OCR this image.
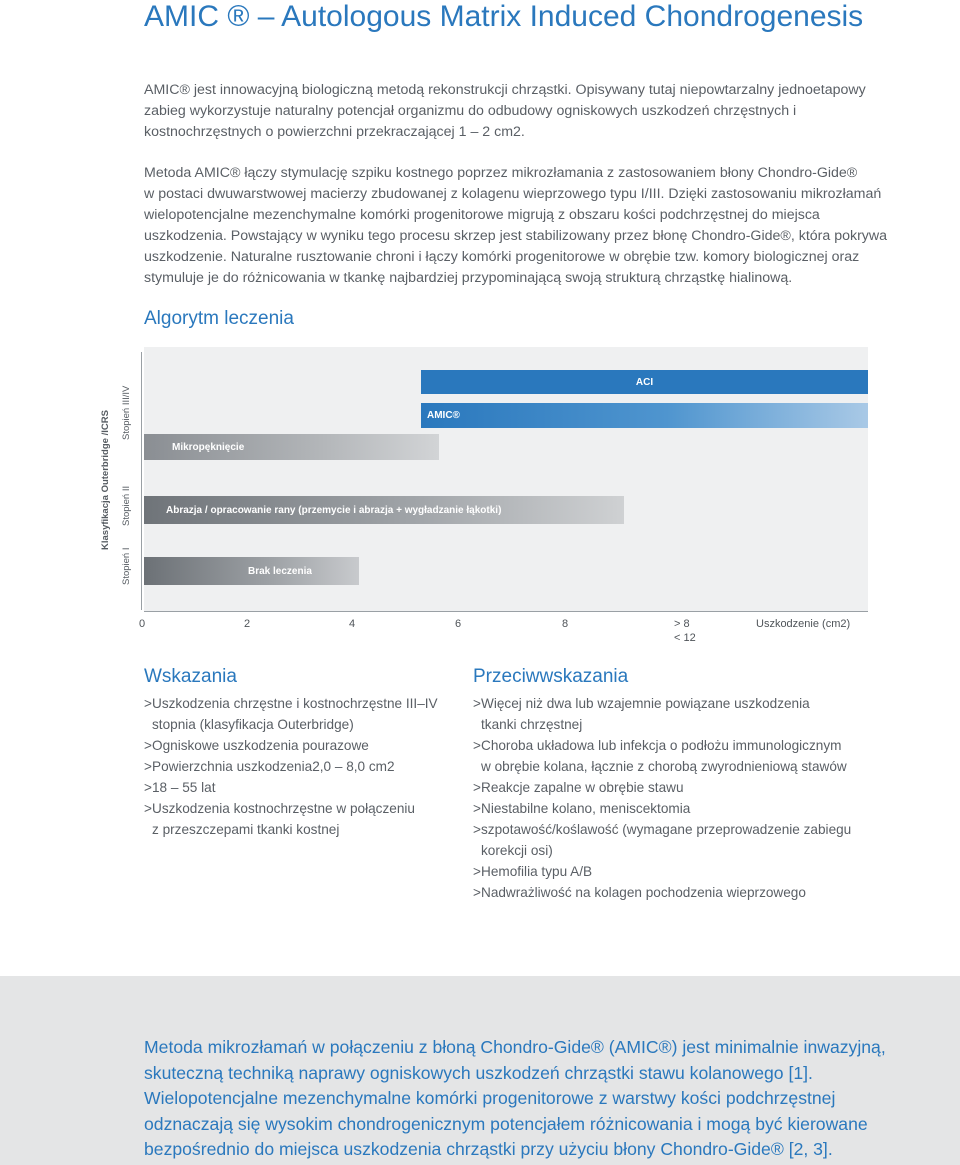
AMIC ® – Autologous Matrix Induced Chondrogenesis
AMIC® jest innowacyjną biologiczną metodą rekonstrukcji chrząstki. Opisywany tutaj niepowtarzalny jednoetapowy
zabieg wykorzystuje naturalny potencjał organizmu do odbudowy ogniskowych uszkodzeń chrzęstnych i
kostnochrzęstnych o powierzchni przekraczającej 1 – 2 cm2.
Metoda AMIC® łączy stymulację szpiku kostnego poprzez mikrozłamania z zastosowaniem błony Chondro-Gide®
w postaci dwuwarstwowej macierzy zbudowanej z kolagenu wieprzowego typu I/III. Dzięki zastosowaniu mikrozłamań
wielopotencjalne mezenchymalne komórki progenitorowe migrują z obszaru kości podchrzęstnej do miejsca
uszkodzenia. Powstający w wyniku tego procesu skrzep jest stabilizowany przez błonę Chondro-Gide®, która pokrywa
uszkodzenie. Naturalne rusztowanie chroni i łączy komórki progenitorowe w obrębie tzw. komory biologicznej oraz
stymuluje je do różnicowania w tkankę najbardziej przypominającą swoją strukturą chrząstkę hialinową.
Algorytm leczenia
ACI
AMIC®
Mikropęknięcie
Abrazja / opracowanie rany (przemycie i abrazja + wygładzanie łąkotki)
Brak leczenia
0	2	4	6	8	> 8
< 12
Uszkodzenie (cm2)
Klasyfikacja Outerbridge /ICRS
Stopień I
Stopień II
Stopień III/IV
Wskazania
> Uszkodzenia chrzęstne i kostnochrzęstne III–IV
stopnia (klasyfikacja Outerbridge)
> Ogniskowe uszkodzenia pourazowe
> Powierzchnia uszkodzenia2,0 – 8,0 cm2
> 18 – 55 lat
> Uszkodzenia kostnochrzęstne w połączeniu
z przeszczepami tkanki kostnej
Przeciwwskazania
> Więcej niż dwa lub wzajemnie powiązane uszkodzenia
tkanki chrzęstnej
> Choroba układowa lub infekcja o podłożu immunologicznym
w obrębie kolana, łącznie z chorobą zwyrodnieniową stawów
> Reakcje zapalne w obrębie stawu
> Niestabilne kolano, meniscektomia
> szpotawość/koślawość (wymagane przeprowadzenie zabiegu
korekcji osi)
> Hemofilia typu A/B
> Nadwrażliwość na kolagen pochodzenia wieprzowego
Metoda mikrozłamań w połączeniu z błoną Chondro-Gide® (AMIC®) jest minimalnie inwazyjną,
skuteczną techniką naprawy ogniskowych uszkodzeń chrząstki stawu kolanowego [1].
Wielopotencjalne mezenchymalne komórki progenitorowe z warstwy kości podchrzęstnej
odznaczają się wysokim chondrogenicznym potencjałem różnicowania i mogą być kierowane
bezpośrednio do miejsca uszkodzenia chrząstki przy użyciu błony Chondro-Gide® [2, 3].
